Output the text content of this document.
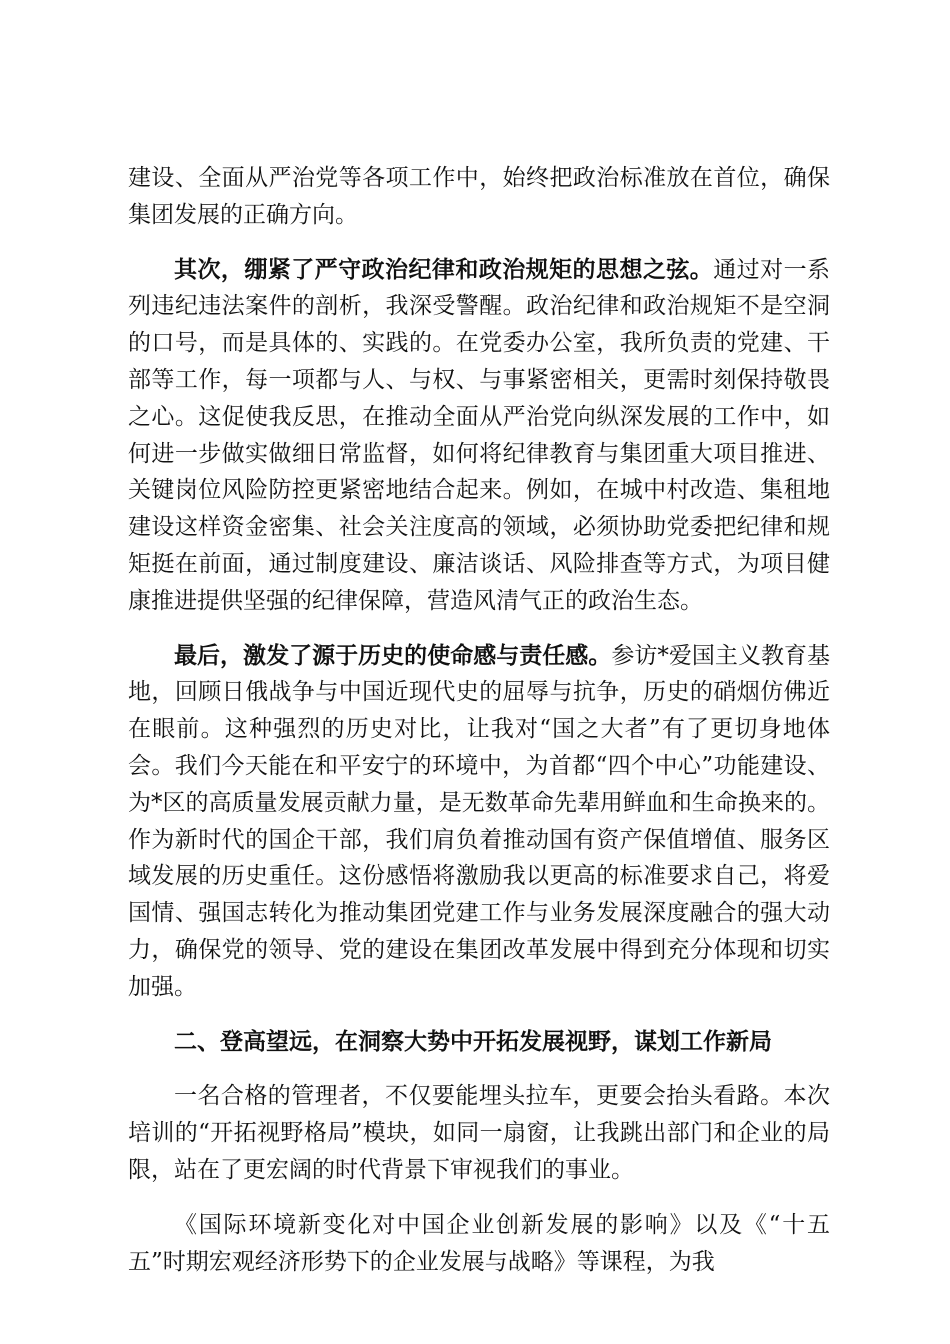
建设、全面从严治党等各项工作中，始终把政治标准放在首位，确保集团发展的正确方向。

其次，绷紧了严守政治纪律和政治规矩的思想之弦。通过对一系列违纪违法案件的剖析，我深受警醒。政治纪律和政治规矩不是空洞的口号，而是具体的、实践的。在党委办公室，我所负责的党建、干部等工作，每一项都与人、与权、与事紧密相关，更需时刻保持敬畏之心。这促使我反思，在推动全面从严治党向纵深发展的工作中，如何进一步做实做细日常监督，如何将纪律教育与集团重大项目推进、关键岗位风险防控更紧密地结合起来。例如，在城中村改造、集租地建设这样资金密集、社会关注度高的领域，必须协助党委把纪律和规矩挺在前面，通过制度建设、廉洁谈话、风险排查等方式，为项目健康推进提供坚强的纪律保障，营造风清气正的政治生态。

最后，激发了源于历史的使命感与责任感。参访*爱国主义教育基地，回顾日俄战争与中国近现代史的屈辱与抗争，历史的硝烟仿佛近在眼前。这种强烈的历史对比，让我对“国之大者”有了更切身地体会。我们今天能在和平安宁的环境中，为首都“四个中心”功能建设、为*区的高质量发展贡献力量，是无数革命先辈用鲜血和生命换来的。作为新时代的国企干部，我们肩负着推动国有资产保值增值、服务区域发展的历史重任。这份感悟将激励我以更高的标准要求自己，将爱国情、强国志转化为推动集团党建工作与业务发展深度融合的强大动力，确保党的领导、党的建设在集团改革发展中得到充分体现和切实加强。

二、登高望远，在洞察大势中开拓发展视野，谋划工作新局

一名合格的管理者，不仅要能埋头拉车，更要会抬头看路。本次培训的“开拓视野格局”模块，如同一扇窗，让我跳出部门和企业的局限，站在了更宏阔的时代背景下审视我们的事业。

《国际环境新变化对中国企业创新发展的影响》以及《“十五五”时期宏观经济形势下的企业发展与战略》等课程，为我
